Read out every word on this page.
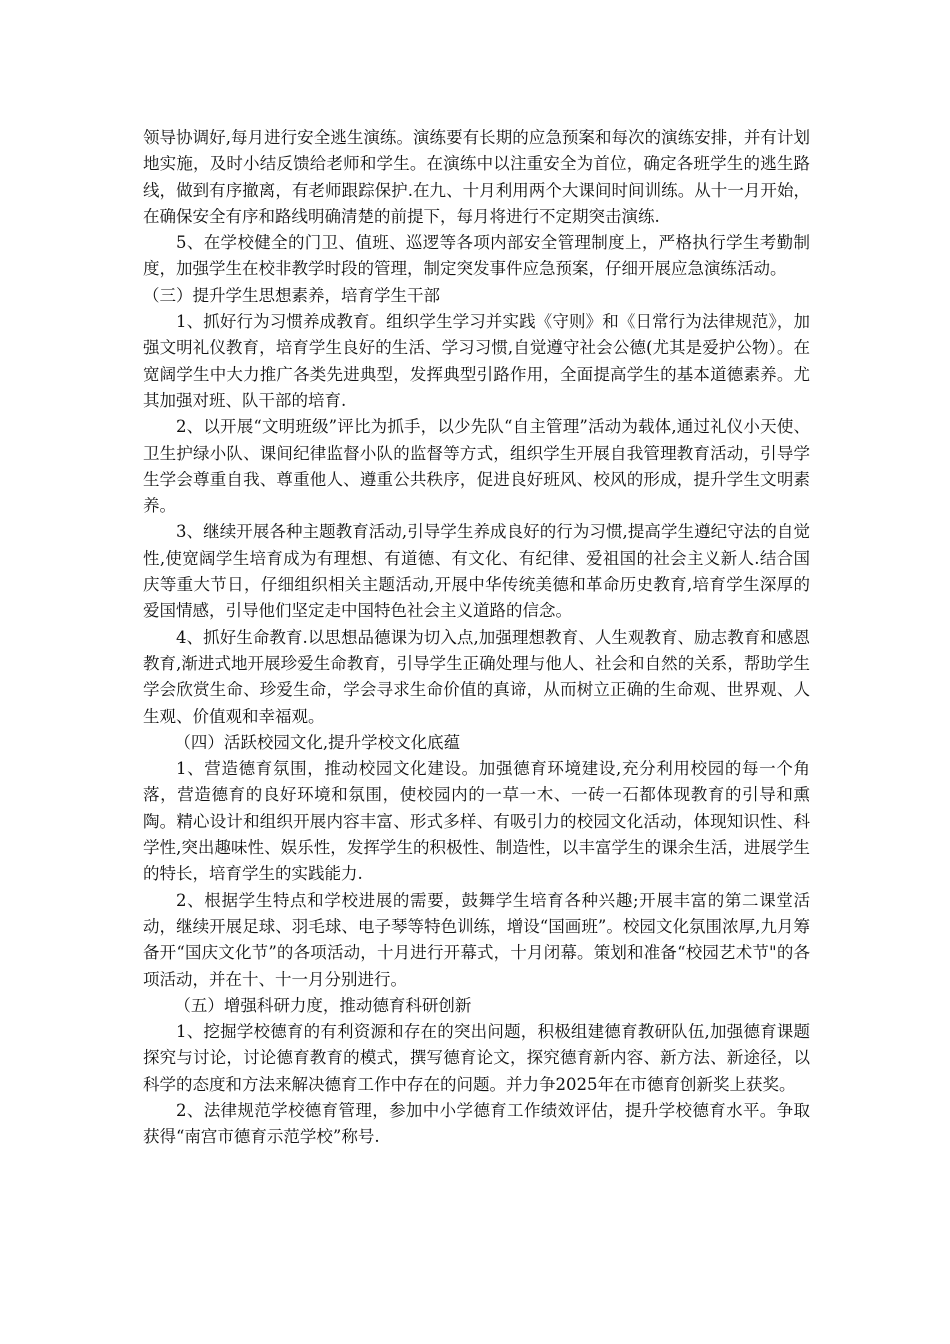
领导协调好,每月进行安全逃生演练。演练要有长期的应急预案和每次的演练安排，并有计划地实施，及时小结反馈给老师和学生。在演练中以注重安全为首位，确定各班学生的逃生路线，做到有序撤离，有老师跟踪保护.在九、十月利用两个大课间时间训练。从十一月开始，在确保安全有序和路线明确清楚的前提下，每月将进行不定期突击演练.

5、在学校健全的门卫、值班、巡逻等各项内部安全管理制度上，严格执行学生考勤制度，加强学生在校非教学时段的管理，制定突发事件应急预案，仔细开展应急演练活动。

（三）提升学生思想素养，培育学生干部

1、抓好行为习惯养成教育。组织学生学习并实践《守则》和《日常行为法律规范》，加强文明礼仪教育，培育学生良好的生活、学习习惯,自觉遵守社会公德(尤其是爱护公物）。在宽阔学生中大力推广各类先进典型，发挥典型引路作用，全面提高学生的基本道德素养。尤其加强对班、队干部的培育.

2、以开展“文明班级”评比为抓手，以少先队“自主管理”活动为载体,通过礼仪小天使、卫生护绿小队、课间纪律监督小队的监督等方式，组织学生开展自我管理教育活动，引导学生学会尊重自我、尊重他人、遵重公共秩序，促进良好班风、校风的形成，提升学生文明素养。

3、继续开展各种主题教育活动,引导学生养成良好的行为习惯,提高学生遵纪守法的自觉性,使宽阔学生培育成为有理想、有道德、有文化、有纪律、爱祖国的社会主义新人.结合国庆等重大节日，仔细组织相关主题活动,开展中华传统美德和革命历史教育,培育学生深厚的爱国情感，引导他们坚定走中国特色社会主义道路的信念。

4、抓好生命教育.以思想品德课为切入点,加强理想教育、人生观教育、励志教育和感恩教育,渐进式地开展珍爱生命教育，引导学生正确处理与他人、社会和自然的关系，帮助学生学会欣赏生命、珍爱生命，学会寻求生命价值的真谛，从而树立正确的生命观、世界观、人生观、价值观和幸福观。

（四）活跃校园文化,提升学校文化底蕴

1、营造德育氛围，推动校园文化建设。加强德育环境建设,充分利用校园的每一个角落，营造德育的良好环境和氛围，使校园内的一草一木、一砖一石都体现教育的引导和熏陶。精心设计和组织开展内容丰富、形式多样、有吸引力的校园文化活动，体现知识性、科学性,突出趣味性、娱乐性，发挥学生的积极性、制造性，以丰富学生的课余生活，进展学生的特长，培育学生的实践能力.

2、根据学生特点和学校进展的需要，鼓舞学生培育各种兴趣;开展丰富的第二课堂活动，继续开展足球、羽毛球、电子琴等特色训练，增设“国画班”。校园文化氛围浓厚,九月筹备开“国庆文化节”的各项活动，十月进行开幕式，十月闭幕。策划和准备“校园艺术节"的各项活动，并在十、十一月分别进行。

（五）增强科研力度，推动德育科研创新

1、挖掘学校德育的有利资源和存在的突出问题，积极组建德育教研队伍,加强德育课题探究与讨论，讨论德育教育的模式，撰写德育论文，探究德育新内容、新方法、新途径，以科学的态度和方法来解决德育工作中存在的问题。并力争2025年在市德育创新奖上获奖。

2、法律规范学校德育管理，参加中小学德育工作绩效评估，提升学校德育水平。争取获得“南宫市德育示范学校”称号.
